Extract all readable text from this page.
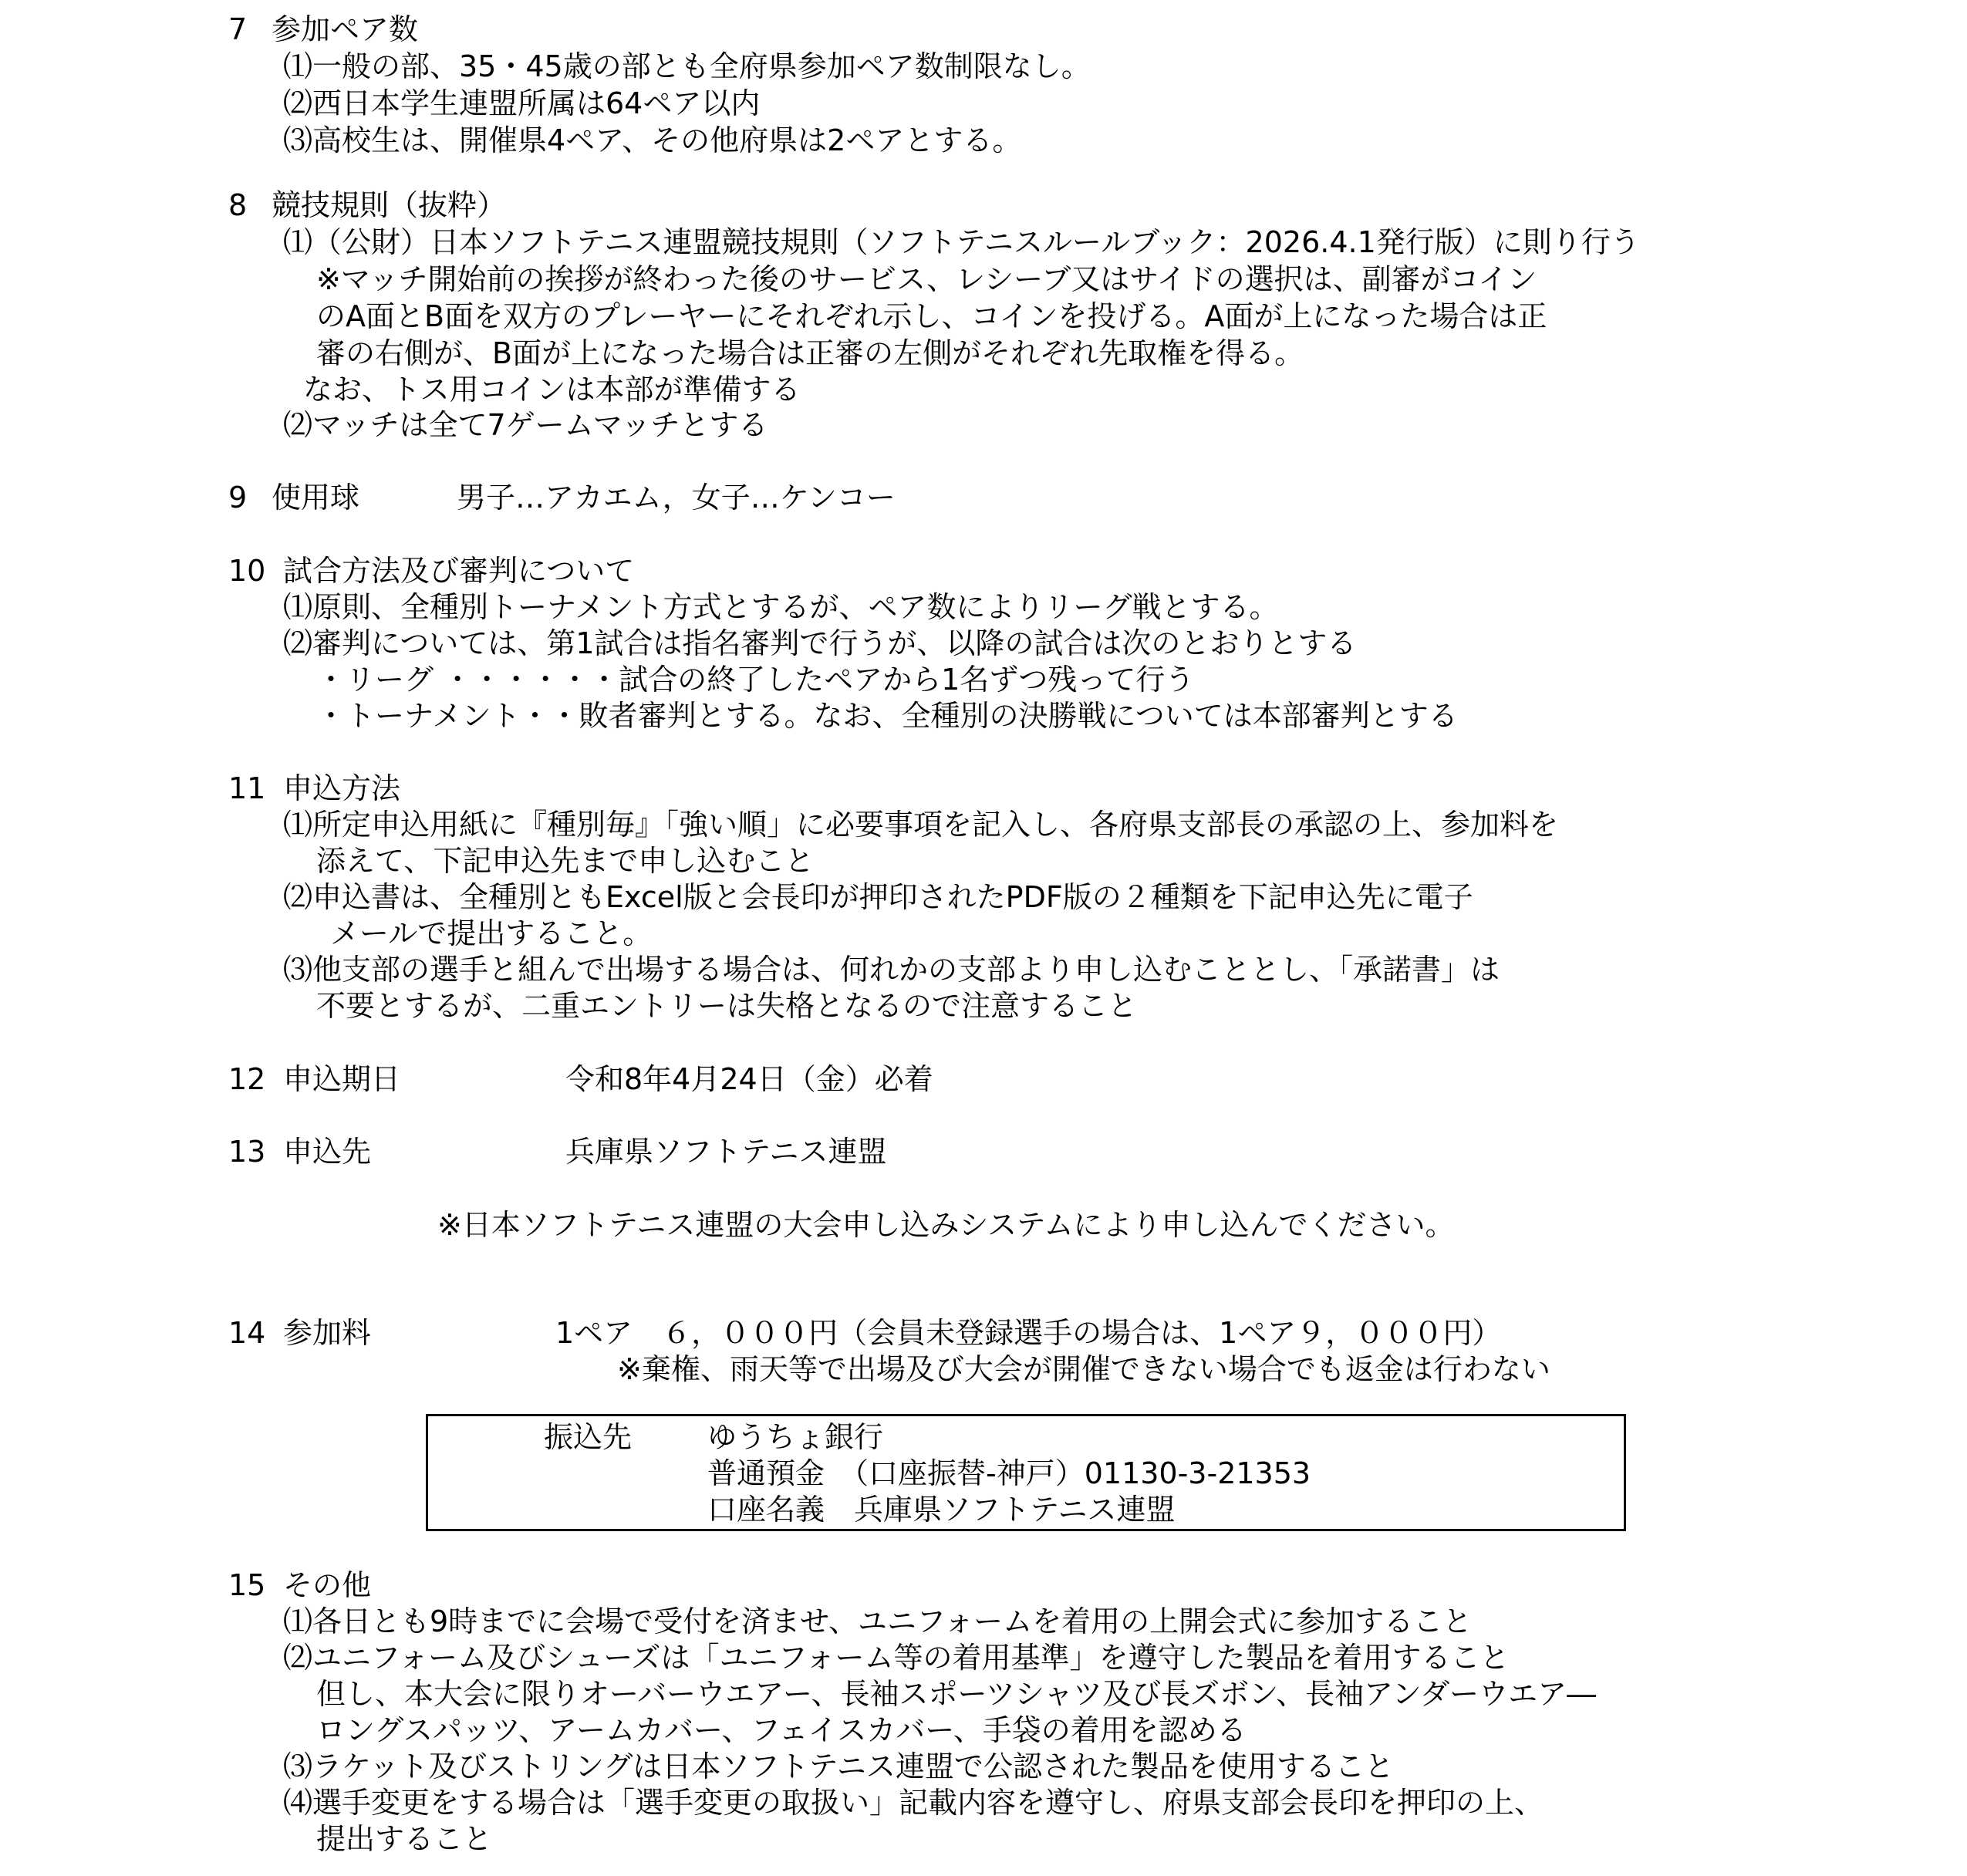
7 参加ペア数
⑴一般の部、35・45歳の部とも全府県参加ペア数制限なし。
⑵西日本学生連盟所属は64ペア以内
⑶高校生は、開催県4ペア、その他府県は2ペアとする。
8 競技規則（抜粋）
⑴（公財）日本ソフトテニス連盟競技規則（ソフトテニスルールブック：2026.4.1発行版）に則り行う
※マッチ開始前の挨拶が終わった後のサービス、レシーブ又はサイドの選択は、副審がコイン
のA面とB面を双方のプレーヤーにそれぞれ示し、コインを投げる。A面が上になった場合は正
審の右側が、B面が上になった場合は正審の左側がそれぞれ先取権を得る。
なお、トス用コインは本部が準備する
⑵マッチは全て7ゲームマッチとする
9 使用球	男子…アカエム，女子…ケンコー
10 試合方法及び審判について
⑴原則、全種別トーナメント方式とするが、ペア数によりリーグ戦とする。
⑵審判については、第1試合は指名審判で行うが、以降の試合は次のとおりとする
・リーグ ・・・・・・試合の終了したペアから1名ずつ残って行う
・トーナメント・・敗者審判とする。なお、全種別の決勝戦については本部審判とする
11 申込方法
⑴所定申込用紙に『種別毎』「強い順」に必要事項を記入し、各府県支部長の承認の上、参加料を
添えて、下記申込先まで申し込むこと
⑵申込書は、全種別ともExcel版と会長印が押印されたPDF版の２種類を下記申込先に電子
メールで提出すること。
⑶他支部の選手と組んで出場する場合は、何れかの支部より申し込むこととし、「承諾書」は
不要とするが、二重エントリーは失格となるので注意すること
12 申込期日	令和8年4月24日（金）必着
13 申込先	兵庫県ソフトテニス連盟
※日本ソフトテニス連盟の大会申し込みシステムにより申し込んでください。
14 参加料	1ペア　６，０００円（会員未登録選手の場合は、1ペア９，０００円）
※棄権、雨天等で出場及び大会が開催できない場合でも返金は行わない
振込先	ゆうちょ銀行
普通預金　（口座振替-神戸）01130-3-21353
口座名義　兵庫県ソフトテニス連盟
15 その他
⑴各日とも9時までに会場で受付を済ませ、ユニフォームを着用の上開会式に参加すること
⑵ユニフォーム及びシューズは「ユニフォーム等の着用基準」を遵守した製品を着用すること
但し、本大会に限りオーバーウエアー、長袖スポーツシャツ及び長ズボン、長袖アンダーウエア―
ロングスパッツ、アームカバー、フェイスカバー、手袋の着用を認める
⑶ラケット及びストリングは日本ソフトテニス連盟で公認された製品を使用すること
⑷選手変更をする場合は「選手変更の取扱い」記載内容を遵守し、府県支部会長印を押印の上、
提出すること
